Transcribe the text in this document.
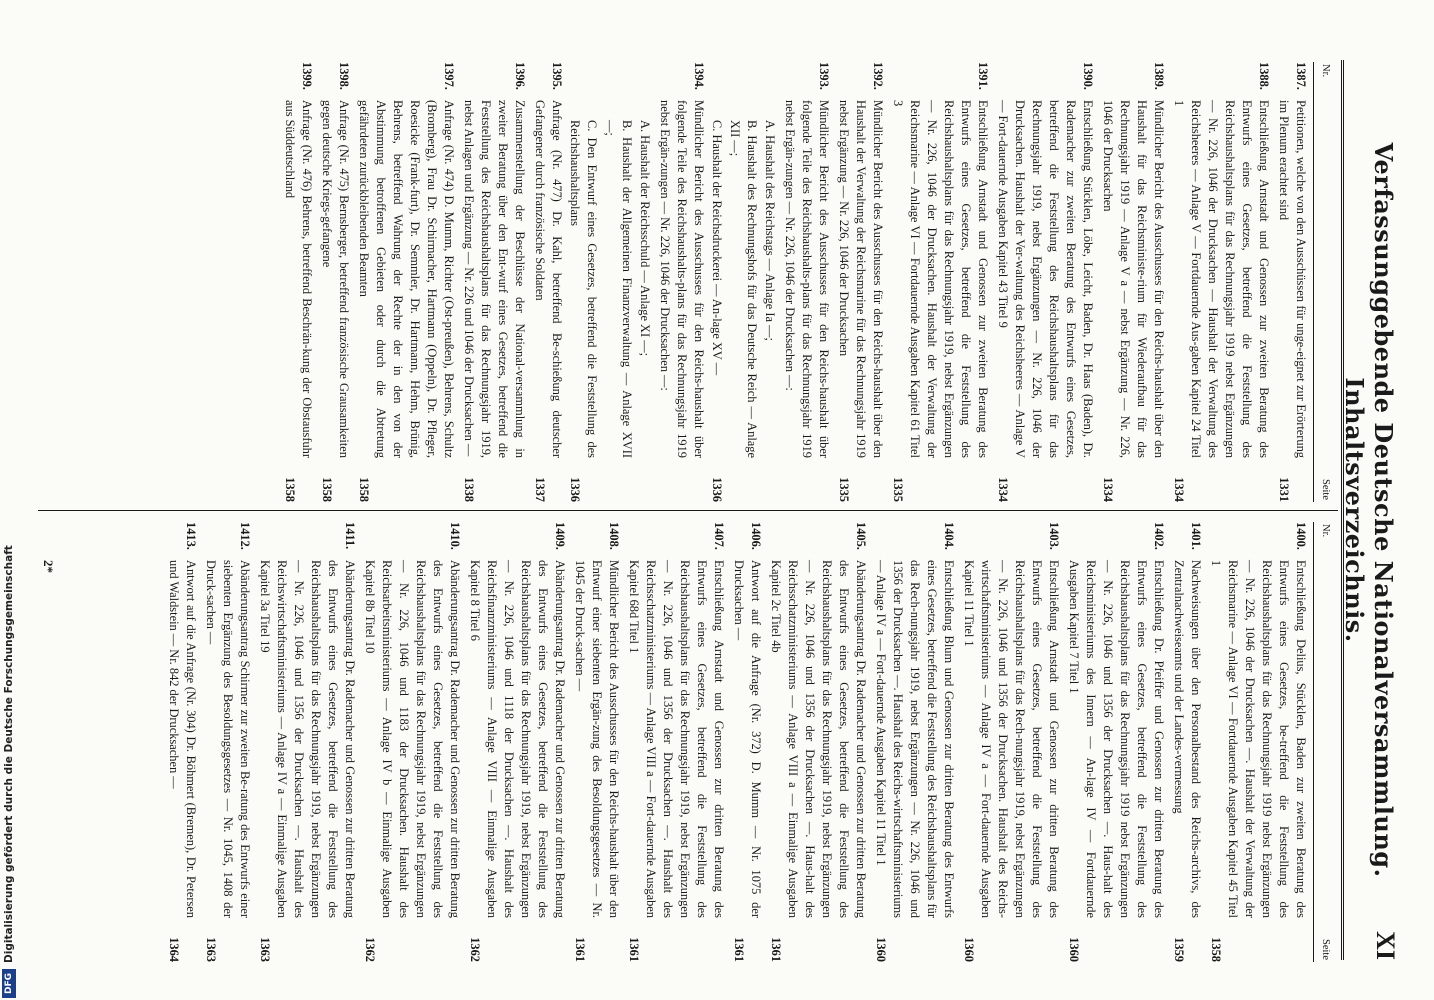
Verfassunggebende Deutsche Nationalversammlung. Inhaltsverzeichnis.
XI
Nr.
Seite
1387.
Petitionen, welche von den Ausschüssen für unge-eignet zur Erörterung im Plenum erachtet sind
1331
1388.
Entschließung Arnstadt und Genossen zur zweiten Beratung des Entwurfs eines Gesetzes, betreffend die Feststellung des Reichshaushaltsplans für das Rechnungsjahr 1919 nebst Ergänzungen — Nr. 226, 1046 der Drucksachen — Haushalt der Verwaltung des Reichsheeres — Anlage V — Fortdauernde Aus-gaben Kapitel 24 Titel 1
1334
1389.
Mündlicher Bericht des Ausschusses für den Reichs-haushalt über den Haushalt für das Reichsministe-rium für Wiederaufbau für das Rechnungsjahr 1919 — Anlage V a — nebst Ergänzung — Nr. 226, 1046 der Drucksachen
1334
1390.
Entschließung Stücklen, Löbe, Leicht, Baden, Dr. Haas (Baden), Dr. Rademacher zur zweiten Beratung des Entwurfs eines Gesetzes, betreffend die Feststellung des Reichshaushaltsplans für das Rechnungsjahr 1919, nebst Ergänzungen — Nr. 226, 1046 der Drucksachen. Haushalt der Ver-waltung des Reichsheeres — Anlage V — Fort-dauernde Ausgaben Kapitel 43 Titel 9
1334
1391.
Entschließung Arnstadt und Genossen zur zweiten Beratung des Entwurfs eines Gesetzes, betreffend die Feststellung des Reichshaushaltsplans für das Rechnungsjahr 1919, nebst Ergänzungen — Nr. 226, 1046 der Drucksachen. Haushalt der Verwaltung der Reichsmarine — Anlage VI — Fortdauernde Ausgaben Kapitel 61 Titel 3
1335
1392.
Mündlicher Bericht des Ausschusses für den Reichs-haushalt über den Haushalt der Verwaltung der Reichsmarine für das Rechnungsjahr 1919 nebst Ergänzung — Nr. 226, 1046 der Drucksachen
1335
1393.
Mündlicher Bericht des Ausschusses für den Reichs-haushalt über folgende Teile des Reichshaushalts-plans für das Rechnungsjahr 1919 nebst Ergän-zungen — Nr. 226, 1046 der Drucksachen —:
A. Haushalt des Reichstags — Anlage Ia —;
B. Haushalt des Rechnungshofs für das Deutsche Reich — Anlage XII —;
C. Haushalt der Reichsdruckerei — An-lage XV —
1336
1394.
Mündlicher Bericht des Ausschusses für den Reichs-haushalt über folgende Teile des Reichshaushalts-plans für das Rechnungsjahr 1919 nebst Ergän-zungen — Nr. 226, 1046 der Drucksachen —:
A. Haushalt der Reichsschuld — Anlage XI —;
B. Haushalt der Allgemeinen Finanzverwaltung — Anlage XVII —;
C. Den Entwurf eines Gesetzes, betreffend die Feststellung des Reichshaushaltsplans
1336
1395.
Anfrage (Nr. 477) Dr. Kahl, betreffend Be-schießung deutscher Gefangener durch französische Soldaten
1337
1396.
Zusammenstellung der Beschlüsse der National-versammlung in zweiter Beratung über den Ent-wurf eines Gesetzes, betreffend die Feststellung des Reichshaushaltsplans für das Rechnungsjahr 1919, nebst Anlagen und Ergänzung — Nr. 226 und 1046 der Drucksachen —
1338
1397.
Anfrage (Nr. 474) D. Mumm, Richter (Ost-preußen), Behrens, Schultz (Bromberg), Frau Dr. Schirmacher, Hartmann (Oppeln), Dr. Pfleger, Roesicke (Frank-furt), Dr. Semmler, Dr. Hartmann, Hehm, Brünig, Behrens, betreffend Wahrung der Rechte der in den von der Abstimmung betroffenen Gebieten oder durch die Abtretung gefährdeten zurückbleibenden Beamten
1358
1398.
Anfrage (Nr. 475) Bernsberger, betreffend französische Grausamkeiten gegen deutsche Kriegs-gefangene
1358
1399.
Anfrage (Nr. 476) Behrens, betreffend Beschrän-kung der Obstausfuhr aus Süddeutschland
1358
Nr.
Seite
1400.
Entschließung Delius, Stücklen, Baden zur zweiten Beratung des Entwurfs eines Gesetzes, be-treffend die Feststellung des Reichshaushaltsplans für das Rechnungsjahr 1919 nebst Ergänzungen — Nr. 226, 1046 der Drucksachen —. Haushalt der Verwaltung der Reichsmarine — Anlage VI — Fortdauernde Ausgaben Kapitel 45 Titel 1
1358
1401.
Nachweisungen über den Personalbestand des Reichs-archivs, des Zentralnachweiseamts und der Landes-vermessung
1359
1402.
Entschließung Dr. Pfeiffer und Genossen zur dritten Beratung des Entwurfs eines Gesetzes, betreffend die Feststellung des Reichshaushaltsplans für das Rechnungsjahr 1919 nebst Ergänzungen — Nr. 226, 1046 und 1356 der Drucksachen —. Haus-halt des Reichsministeriums des Innern — An-lage IV — Fortdauernde Ausgaben Kapitel 7 Titel 1
1360
1403.
Entschließung Arnstadt und Genossen zur dritten Beratung des Entwurfs eines Gesetzes, betreffend die Feststellung des Reichshaushaltsplans für das Rech-nungsjahr 1919, nebst Ergänzungen — Nr. 226, 1046 und 1356 der Drucksachen. Haushalt des Reichs-wirtschaftsministeriums — Anlage IV a — Fort-dauernde Ausgaben Kapitel 11 Titel 1
1360
1404.
Entschließung Blum und Genossen zur dritten Beratung des Entwurfs eines Gesetzes, betreffend die Feststellung des Reichshaushaltsplans für das Rech-nungsjahr 1919, nebst Ergänzungen — Nr. 226, 1046 und 1356 der Drucksachen —. Haushalt des Reichs-wirtschaftsministeriums — Anlage IV a — Fort-dauernde Ausgaben Kapitel 11 Titel 1
1360
1405.
Abänderungsantrag Dr. Rademacher und Genossen zur dritten Beratung des Entwurfs eines Gesetzes, betreffend die Feststellung des Reichshaushaltsplans für das Rechnungsjahr 1919, nebst Ergänzungen — Nr. 226, 1046 und 1356 der Drucksachen —. Haus-halt des Reichsschatzministeriums — Anlage VIII a — Einmalige Ausgaben Kapitel 2c Titel 4b
1361
1406.
Antwort auf die Anfrage (Nr. 372) D. Mumm — Nr. 1075 der Drucksachen —
1361
1407.
Entschließung Arnstadt und Genossen zur dritten Beratung des Entwurfs eines Gesetzes, betreffend die Feststellung des Reichshaushaltsplans für das Rechnungsjahr 1919, nebst Ergänzungen — Nr. 226, 1046 und 1356 der Drucksachen —. Haushalt des Reichsschatzministeriums — Anlage VIII a — Fort-dauernde Ausgaben Kapitel 68d Titel 1
1361
1408.
Mündlicher Bericht des Ausschusses für den Reichs-haushalt über den Entwurf einer siebenten Ergän-zung des Besoldungsgesetzes — Nr. 1045 der Druck-sachen —
1361
1409.
Abänderungsantrag Dr. Rademacher und Genossen zur dritten Beratung des Entwurfs eines Gesetzes, betreffend die Feststellung des Reichshaushaltsplans für das Rechnungsjahr 1919, nebst Ergänzungen — Nr. 226, 1046 und 1118 der Drucksachen —. Haushalt des Reichsfinanzministeriums — Anlage VIII — Einmalige Ausgaben Kapitel 8 Titel 6
1362
1410.
Abänderungsantrag Dr. Rademacher und Genossen zur dritten Beratung des Entwurfs eines Gesetzes, betreffend die Feststellung des Reichshaushaltsplans für das Rechnungsjahr 1919, nebst Ergänzungen — Nr. 226, 1046 und 1183 der Drucksachen. Haushalt des Reichsarbeitsministeriums — Anlage IV b — Einmalige Ausgaben Kapitel 8b Titel 10
1362
1411.
Abänderungsantrag Dr. Rademacher und Genossen zur dritten Beratung des Entwurfs eines Gesetzes, betreffend die Feststellung des Reichshaushaltsplans für das Rechnungsjahr 1919, nebst Ergänzungen — Nr. 226, 1046 und 1356 der Drucksachen —. Haushalt des Reichswirtschaftsministeriums — Anlage IV a — Einmalige Ausgaben Kapitel 3a Titel 19
1363
1412.
Abänderungsantrag Schirmer zur zweiten Be-ratung des Entwurfs einer siebenten Ergänzung des Besoldungsgesetzes — Nr. 1045, 1408 der Druck-sachen —
1363
1413.
Antwort auf die Anfrage (Nr. 304) Dr. Böhmert (Bremen), Dr. Petersen und Waldstein — Nr. 842 der Drucksachen —
1364
2*
DFG
Digitalisierung gefördert durch die Deutsche Forschungsgemeinschaft
